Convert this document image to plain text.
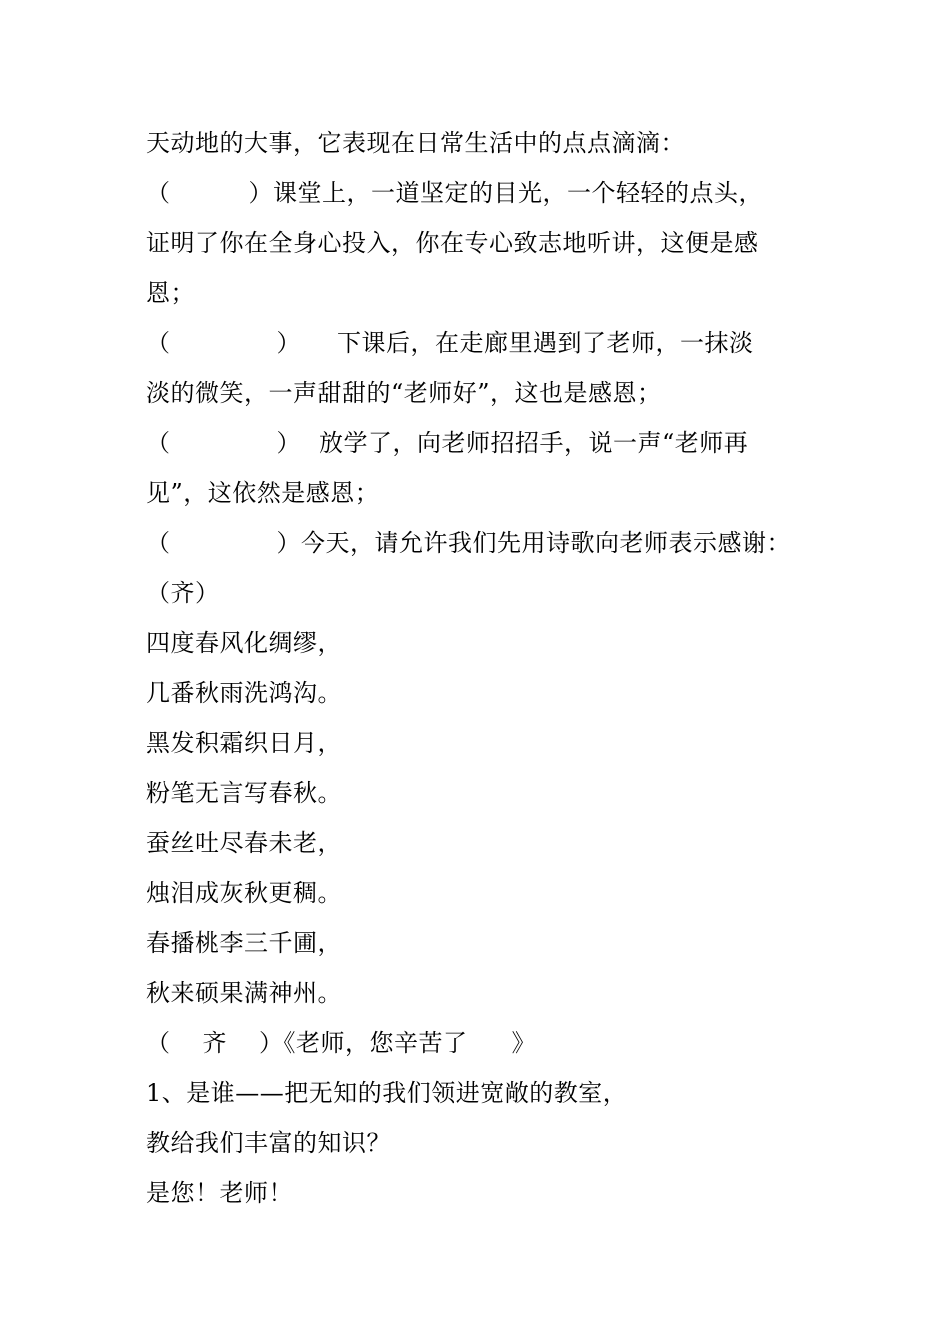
天动地的大事，它表现在日常生活中的点点滴滴：
（	）课堂上，一道坚定的目光，一个轻轻的点头，
证明了你在全身心投入，你在专心致志地听讲，这便是感
恩；
（	） 下课后，在走廊里遇到了老师，一抹淡
淡的微笑，一声甜甜的“老师好”，这也是感恩；
（	） 放学了，向老师招招手，说一声“老师再
见”，这依然是感恩；
（	）今天，请允许我们先用诗歌向老师表示感谢：
（齐）
四度春风化绸缪，
几番秋雨洗鸿沟。
黑发积霜织日月，
粉笔无言写春秋。
蚕丝吐尽春未老，
烛泪成灰秋更稠。
春播桃李三千圃，
秋来硕果满神州。
（ 齐 ）《老师，您辛苦了 》
1、是谁——把无知的我们领进宽敞的教室，
教给我们丰富的知识？
是您！老师！
